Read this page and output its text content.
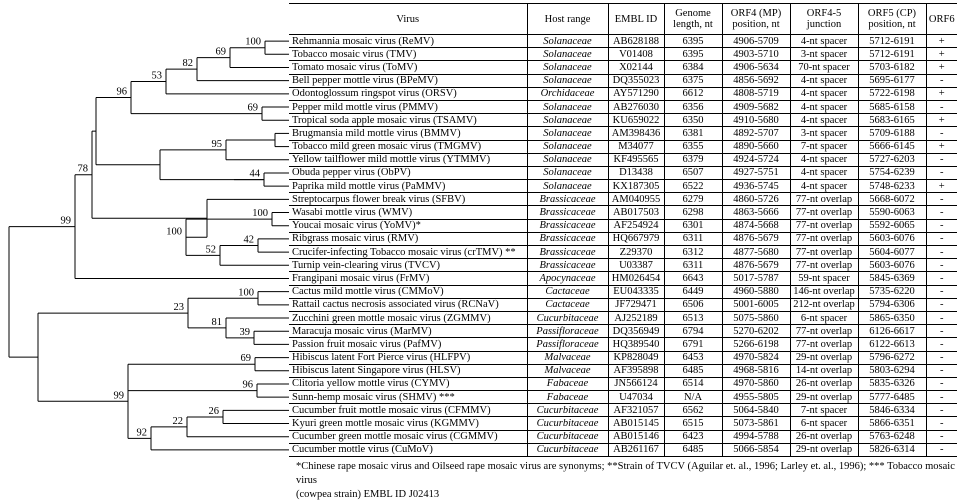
100
69
82
53
69
96
95
44
100
42
52
100
78
99
100
39
81
23
69
96
26
22
92
99
Virus	Host range	EMBL ID	Genome length, nt	ORF4 (MP) position, nt	ORF4-5 junction	ORF5 (CP) position, nt	ORF6
Rehmannia mosaic virus (ReMV)	Solanaceae	AB628188	6395	4906-5709	4-nt spacer	5712-6191	+
Tobacco mosaic virus (TMV)	Solanaceae	V01408	6395	4903-5710	3-nt spacer	5712-6191	+
Tomato mosaic virus (ToMV)	Solanaceae	X02144	6384	4906-5634	70-nt spacer	5703-6182	+
Bell pepper mottle virus (BPeMV)	Solanaceae	DQ355023	6375	4856-5692	4-nt spacer	5695-6177	-
Odontoglossum ringspot virus (ORSV)	Orchidaceae	AY571290	6612	4808-5719	4-nt spacer	5722-6198	+
Pepper mild mottle virus (PMMV)	Solanaceae	AB276030	6356	4909-5682	4-nt spacer	5685-6158	-
Tropical soda apple mosaic virus (TSAMV)	Solanaceae	KU659022	6350	4910-5680	4-nt spacer	5683-6165	+
Brugmansia mild mottle virus (BMMV)	Solanaceae	AM398436	6381	4892-5707	3-nt spacer	5709-6188	-
Tobacco mild green mosaic virus (TMGMV)	Solanaceae	M34077	6355	4890-5660	7-nt spacer	5666-6145	+
Yellow tailflower mild mottle virus (YTMMV)	Solanaceae	KF495565	6379	4924-5724	4-nt spacer	5727-6203	-
Obuda pepper virus (ObPV)	Solanaceae	D13438	6507	4927-5751	4-nt spacer	5754-6239	-
Paprika mild mottle virus (PaMMV)	Solanaceae	KX187305	6522	4936-5745	4-nt spacer	5748-6233	+
Streptocarpus flower break virus (SFBV)	Brassicaceae	AM040955	6279	4860-5726	77-nt overlap	5668-6072	-
Wasabi mottle virus (WMV)	Brassicaceae	AB017503	6298	4863-5666	77-nt overlap	5590-6063	-
Youcai mosaic virus (YoMV)*	Brassicaceae	AF254924	6301	4874-5668	77-nt overlap	5592-6065	-
Ribgrass mosaic virus (RMV)	Brassicaceae	HQ667979	6311	4876-5679	77-nt overlap	5603-6076	-
Crucifer-infecting Tobacco mosaic virus (crTMV) **	Brassicaceae	Z29370	6312	4877-5680	77-nt overlap	5604-6077	-
Turnip vein-clearing virus (TVCV)	Brassicaceae	U03387	6311	4876-5679	77-nt overlap	5603-6076	-
Frangipani mosaic virus (FrMV)	Apocynaceae	HM026454	6643	5017-5787	59-nt spacer	5845-6369	-
Cactus mild mottle virus (CMMoV)	Cactaceae	EU043335	6449	4960-5880	146-nt overlap	5735-6220	-
Rattail cactus necrosis associated virus (RCNaV)	Cactaceae	JF729471	6506	5001-6005	212-nt overlap	5794-6306	-
Zucchini green mottle mosaic virus (ZGMMV)	Cucurbitaceae	AJ252189	6513	5075-5860	6-nt spacer	5865-6350	-
Maracuja mosaic virus (MarMV)	Passifloraceae	DQ356949	6794	5270-6202	77-nt overlap	6126-6617	-
Passion fruit mosaic virus (PafMV)	Passifloraceae	HQ389540	6791	5266-6198	77-nt overlap	6122-6613	-
Hibiscus latent Fort Pierce virus (HLFPV)	Malvaceae	KP828049	6453	4970-5824	29-nt overlap	5796-6272	-
Hibiscus latent Singapore virus (HLSV)	Malvaceae	AF395898	6485	4968-5816	14-nt overlap	5803-6294	-
Clitoria yellow mottle virus (CYMV)	Fabaceae	JN566124	6514	4970-5860	26-nt overlap	5835-6326	-
Sunn-hemp mosaic virus (SHMV) ***	Fabaceae	U47034	N/A	4955-5805	29-nt overlap	5777-6485	-
Cucumber fruit mottle mosaic virus (CFMMV)	Cucurbitaceae	AF321057	6562	5064-5840	7-nt spacer	5846-6334	-
Kyuri green mottle mosaic virus (KGMMV)	Cucurbitaceae	AB015145	6515	5073-5861	6-nt spacer	5866-6351	-
Cucumber green mottle mosaic virus (CGMMV)	Cucurbitaceae	AB015146	6423	4994-5788	26-nt overlap	5763-6248	-
Cucumber mottle virus (CuMoV)	Cucurbitaceae	AB261167	6485	5066-5854	29-nt overlap	5826-6314	-

*Chinese rape mosaic virus and Oilseed rape mosaic virus are synonyms; **Strain of TVCV (Aguilar et. al., 1996; Larley et. al., 1996); *** Tobacco mosaic virus

(cowpea strain) EMBL ID J02413
